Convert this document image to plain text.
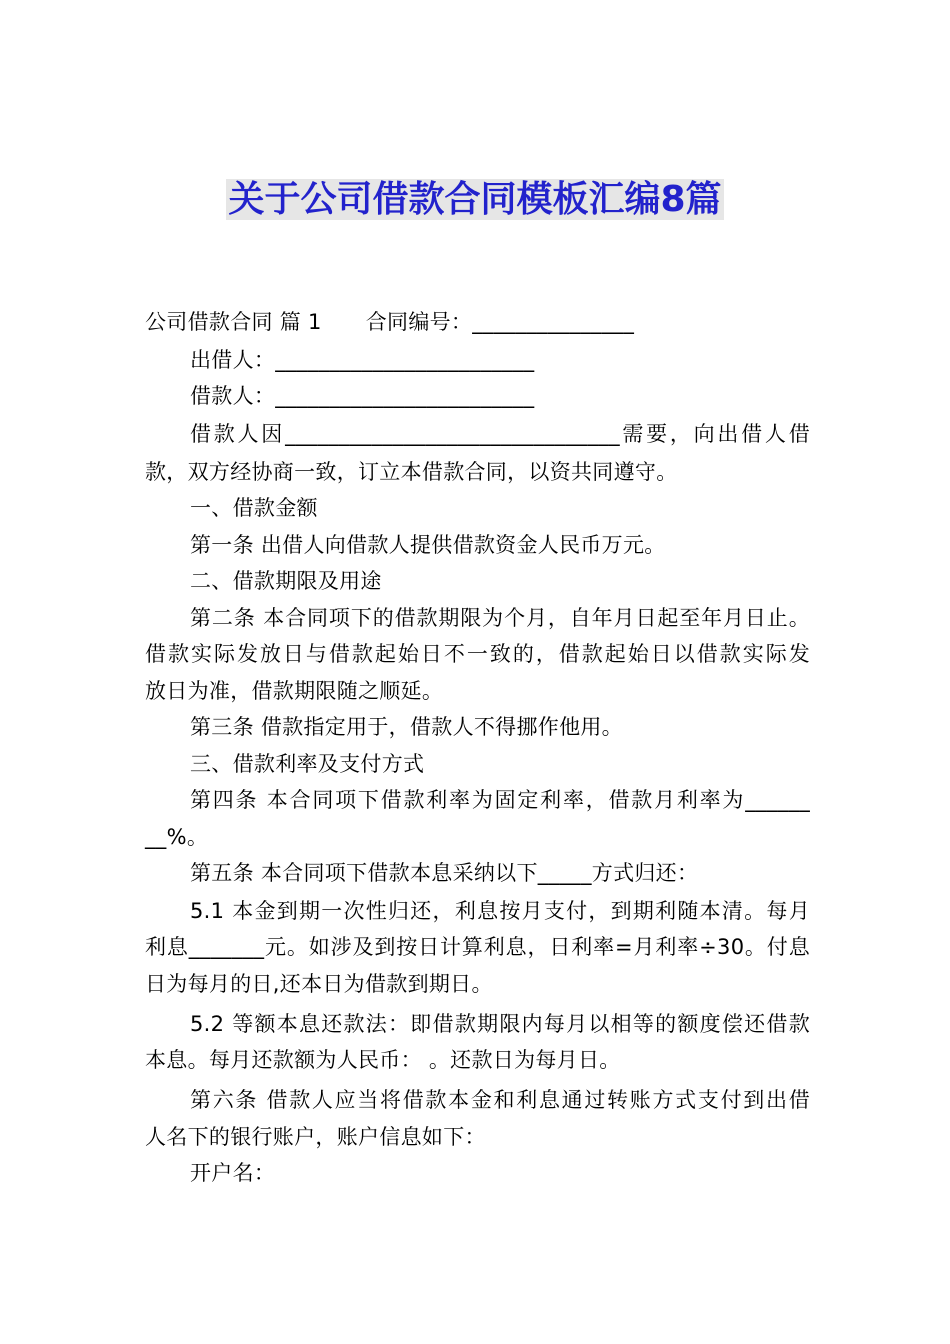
关于公司借款合同模板汇编8篇
公司借款合同 篇 1 合同编号：_______________
出借人：________________________
借款人：________________________
借款人因_______________________________需要，向出借人借
款，双方经协商一致，订立本借款合同，以资共同遵守。
一、借款金额
第一条 出借人向借款人提供借款资金人民币万元。
二、借款期限及用途
第二条 本合同项下的借款期限为个月，自年月日起至年月日止。
借款实际发放日与借款起始日不一致的，借款起始日以借款实际发
放日为准，借款期限随之顺延。
第三条 借款指定用于，借款人不得挪作他用。
三、借款利率及支付方式
第四条 本合同项下借款利率为固定利率，借款月利率为______
__%。
第五条 本合同项下借款本息采纳以下_____方式归还：
5.1 本金到期一次性归还，利息按月支付，到期利随本清。每月
利息_______元。如涉及到按日计算利息，日利率=月利率÷30。付息
日为每月的日,还本日为借款到期日。
5.2 等额本息还款法：即借款期限内每月以相等的额度偿还借款
本息。每月还款额为人民币： 。还款日为每月日。
第六条 借款人应当将借款本金和利息通过转账方式支付到出借
人名下的银行账户，账户信息如下：
开户名：
